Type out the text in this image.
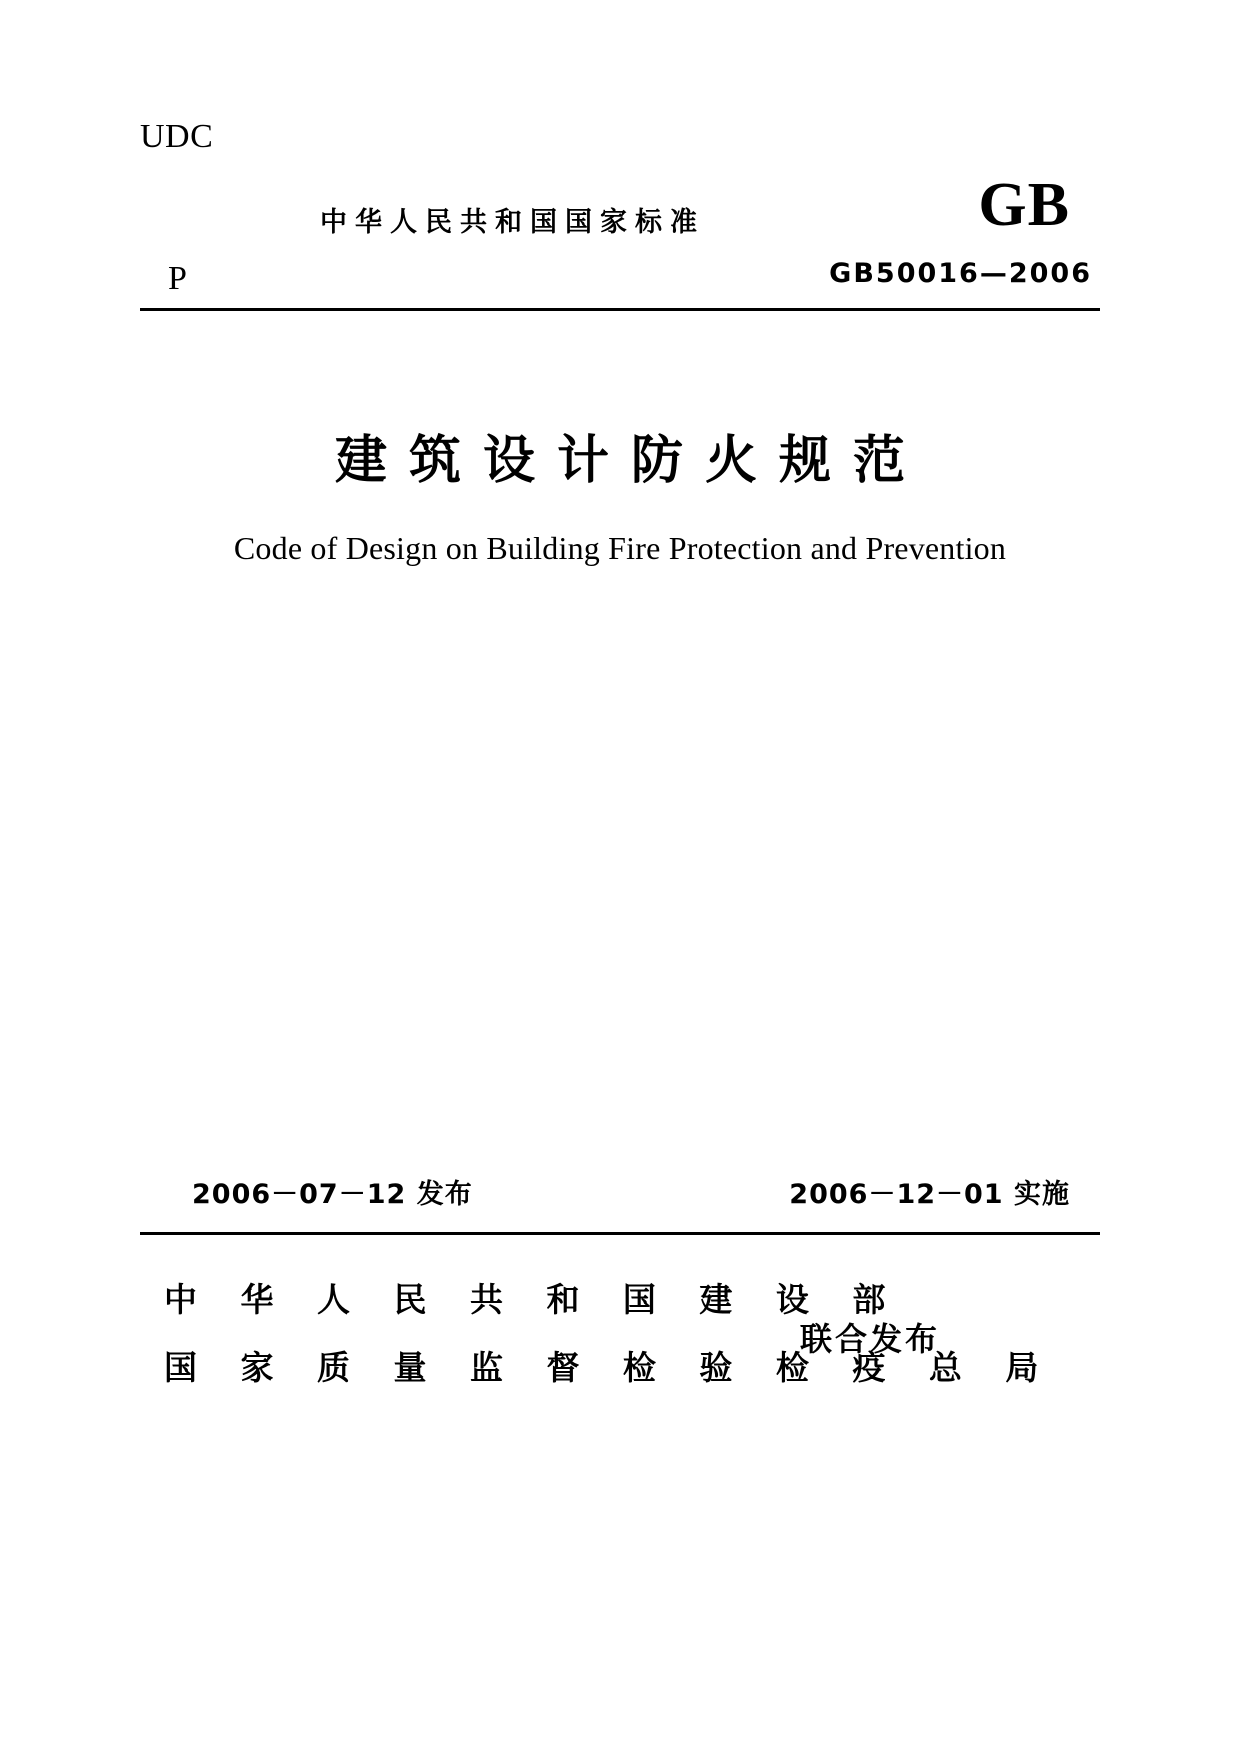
UDC
P
中华人民共和国国家标准	GB
GB50016—2006
建筑设计防火规范
Code of Design on Building Fire Protection and Prevention
2006－07－12 发布	2006－12－01 实施
中 华 人 民 共 和 国 建 设 部
国 家 质 量 监 督 检 验 检 疫 总 局
联合发布
